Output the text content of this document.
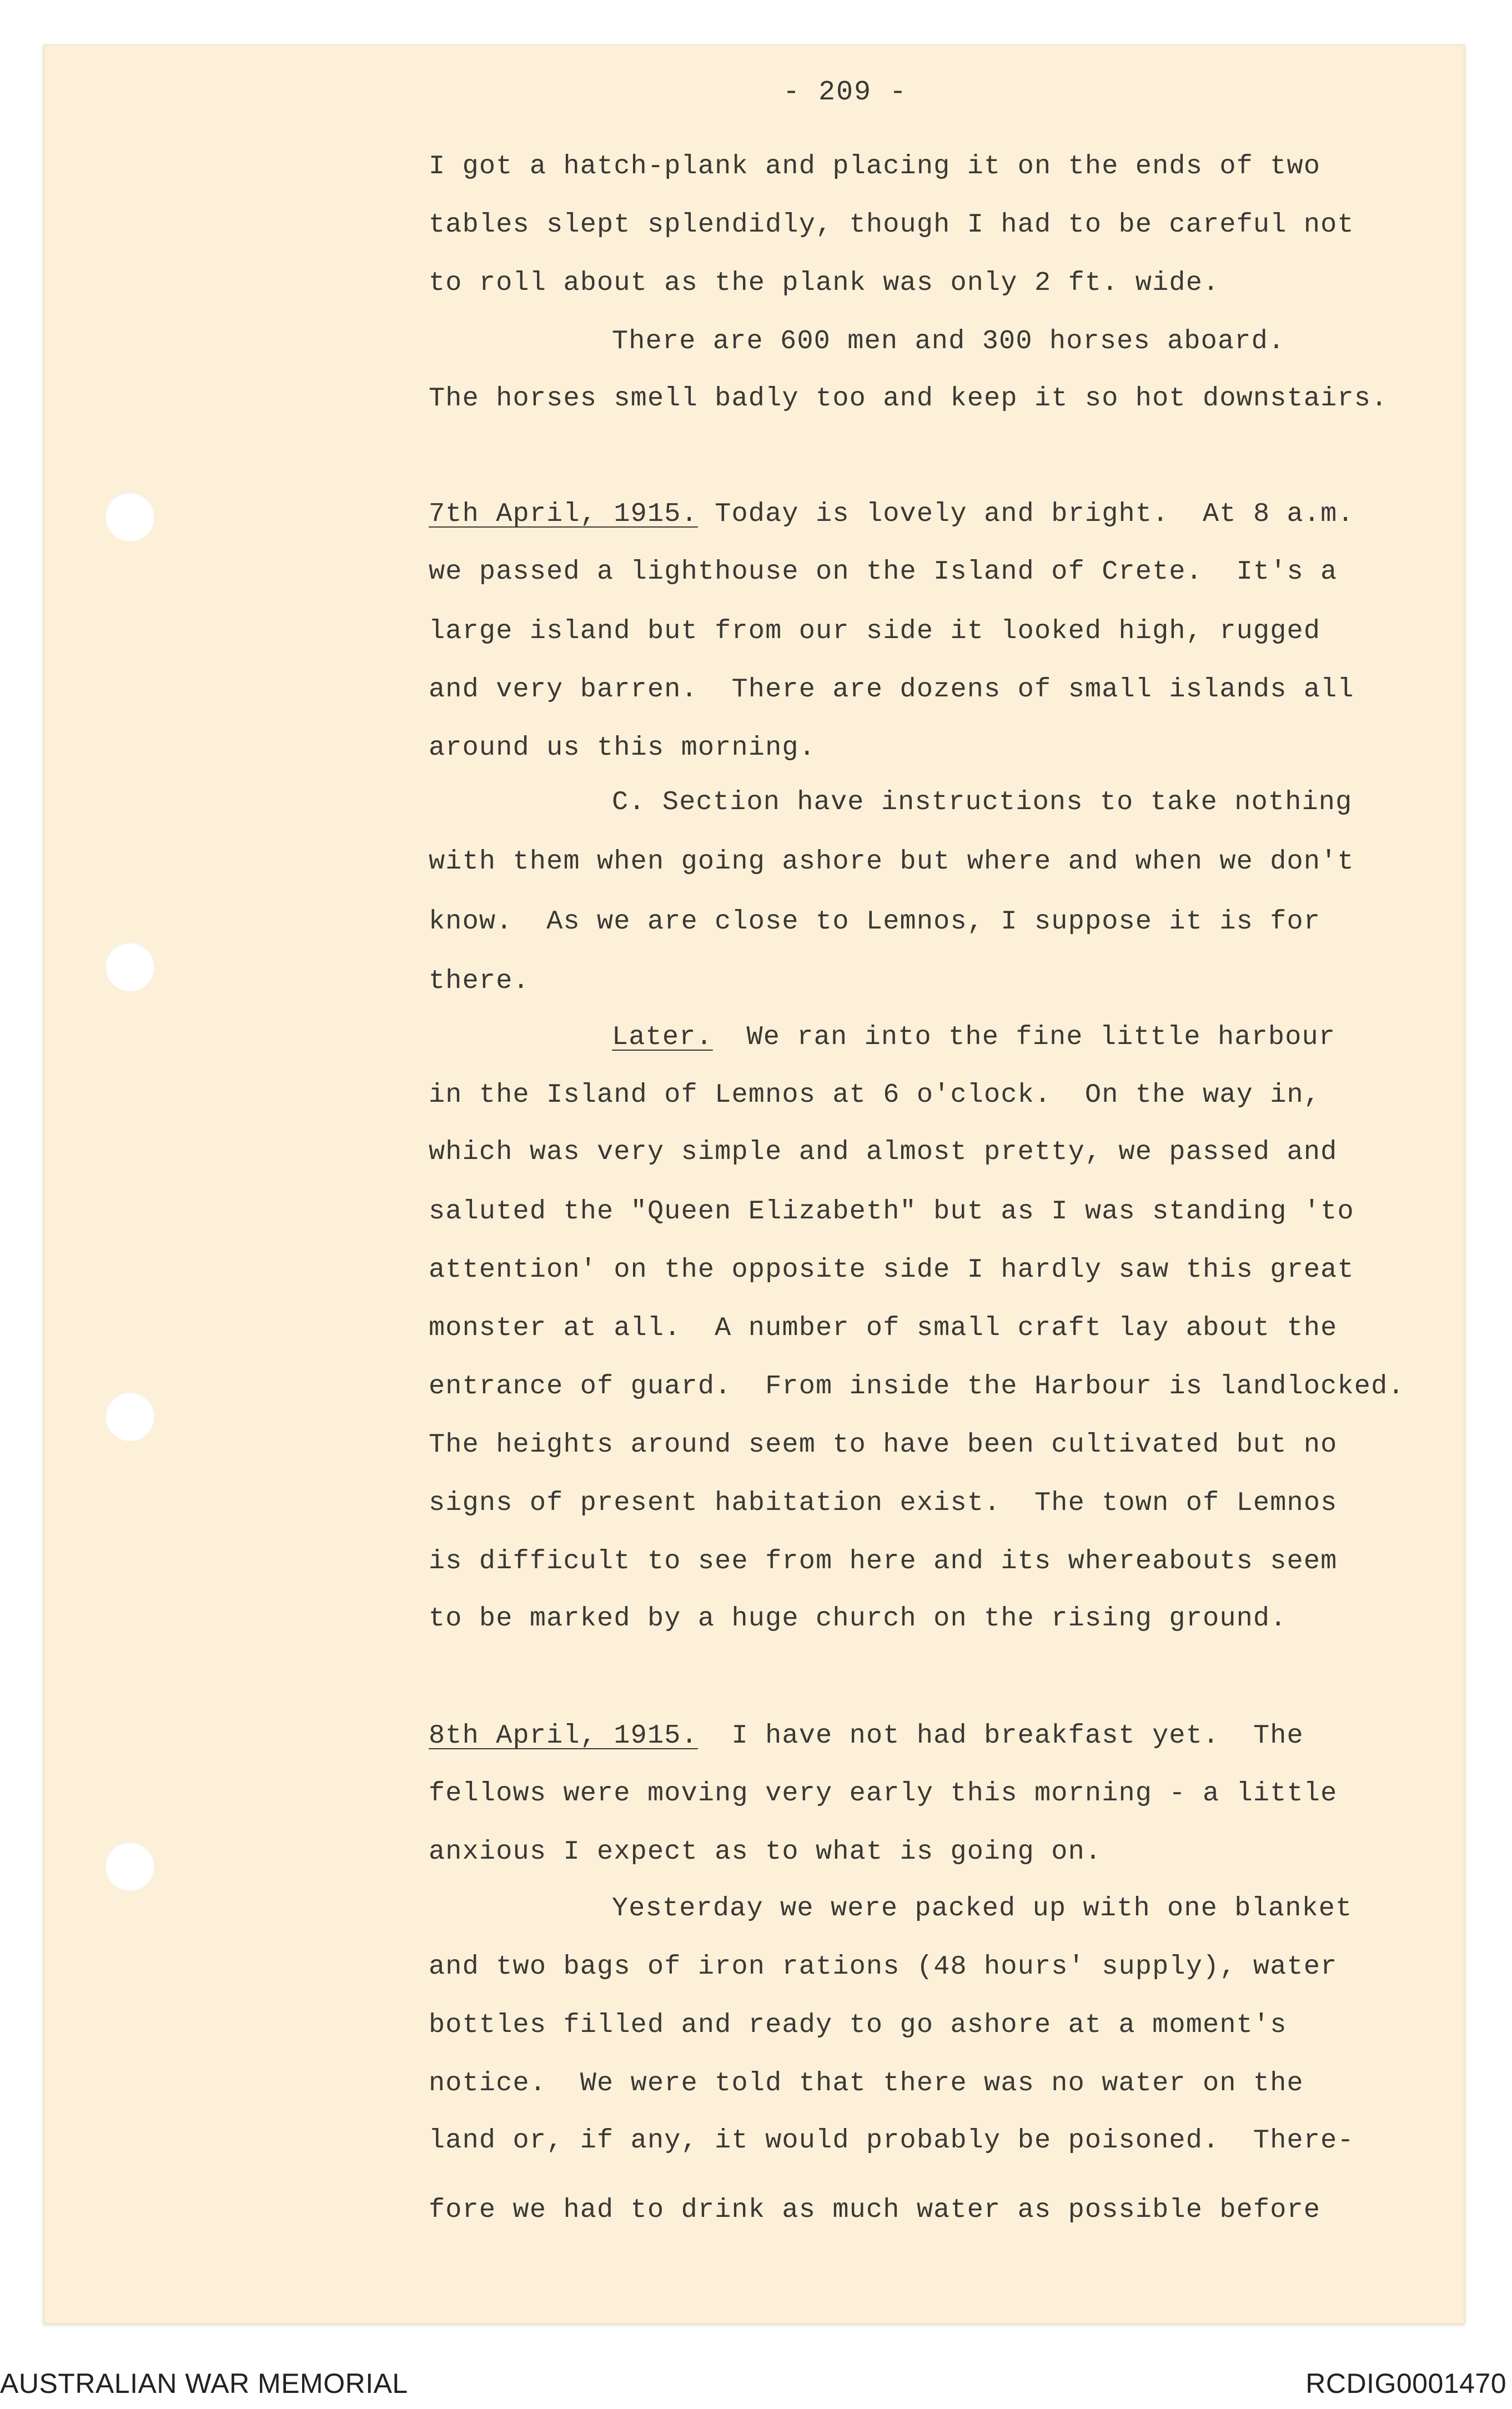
- 209 -

I got a hatch-plank and placing it on the ends of two

tables slept splendidly, though I had to be careful not

to roll about as the plank was only 2 ft. wide.

There are 600 men and 300 horses aboard.

The horses smell badly too and keep it so hot downstairs.

7th April, 1915. Today is lovely and bright.  At 8 a.m.

we passed a lighthouse on the Island of Crete.  It's a

large island but from our side it looked high, rugged

and very barren.  There are dozens of small islands all

around us this morning.

C. Section have instructions to take nothing

with them when going ashore but where and when we don't

know.  As we are close to Lemnos, I suppose it is for

there.

Later.  We ran into the fine little harbour

in the Island of Lemnos at 6 o'clock.  On the way in,

which was very simple and almost pretty, we passed and

saluted the "Queen Elizabeth" but as I was standing 'to

attention' on the opposite side I hardly saw this great

monster at all.  A number of small craft lay about the

entrance of guard.  From inside the Harbour is landlocked.

The heights around seem to have been cultivated but no

signs of present habitation exist.  The town of Lemnos

is difficult to see from here and its whereabouts seem

to be marked by a huge church on the rising ground.

8th April, 1915.  I have not had breakfast yet.  The

fellows were moving very early this morning - a little

anxious I expect as to what is going on.

Yesterday we were packed up with one blanket

and two bags of iron rations (48 hours' supply), water

bottles filled and ready to go ashore at a moment's

notice.  We were told that there was no water on the

land or, if any, it would probably be poisoned.  There-

fore we had to drink as much water as possible before

AUSTRALIAN WAR MEMORIAL	RCDIG0001470
